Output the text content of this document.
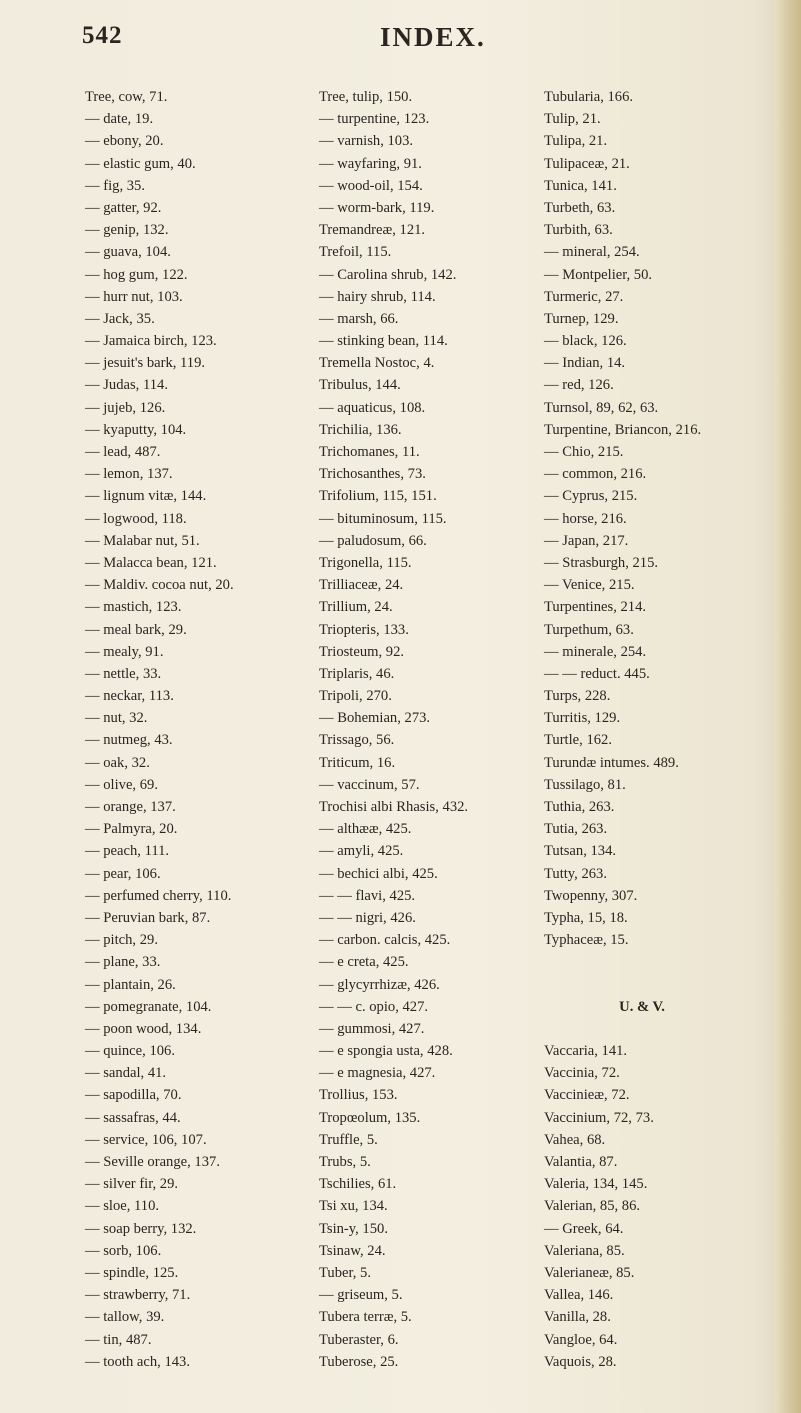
542	INDEX.
Tree, cow, 71.
— date, 19.
— ebony, 20.
— elastic gum, 40.
— fig, 35.
— gatter, 92.
— genip, 132.
— guava, 104.
— hog gum, 122.
— hurr nut, 103.
— Jack, 35.
— Jamaica birch, 123.
— jesuit's bark, 119.
— Judas, 114.
— jujeb, 126.
— kyaputty, 104.
— lead, 487.
— lemon, 137.
— lignum vitæ, 144.
— logwood, 118.
— Malabar nut, 51.
— Malacca bean, 121.
— Maldiv. cocoa nut, 20.
— mastich, 123.
— meal bark, 29.
— mealy, 91.
— nettle, 33.
— neckar, 113.
— nut, 32.
— nutmeg, 43.
— oak, 32.
— olive, 69.
— orange, 137.
— Palmyra, 20.
— peach, 111.
— pear, 106.
— perfumed cherry, 110.
— Peruvian bark, 87.
— pitch, 29.
— plane, 33.
— plantain, 26.
— pomegranate, 104.
— poon wood, 134.
— quince, 106.
— sandal, 41.
— sapodilla, 70.
— sassafras, 44.
— service, 106, 107.
— Seville orange, 137.
— silver fir, 29.
— sloe, 110.
— soap berry, 132.
— sorb, 106.
— spindle, 125.
— strawberry, 71.
— tallow, 39.
— tin, 487.
— tooth ach, 143.
Tree, tulip, 150.
— turpentine, 123.
— varnish, 103.
— wayfaring, 91.
— wood-oil, 154.
— worm-bark, 119.
Tremandreæ, 121.
Trefoil, 115.
— Carolina shrub, 142.
— hairy shrub, 114.
— marsh, 66.
— stinking bean, 114.
Tremella Nostoc, 4.
Tribulus, 144.
— aquaticus, 108.
Trichilia, 136.
Trichomanes, 11.
Trichosanthes, 73.
Trifolium, 115, 151.
— bituminosum, 115.
— paludosum, 66.
Trigonella, 115.
Trilliaceæ, 24.
Trillium, 24.
Triopteris, 133.
Triosteum, 92.
Triplaris, 46.
Tripoli, 270.
— Bohemian, 273.
Trissago, 56.
Triticum, 16.
— vaccinum, 57.
Trochisi albi Rhasis, 432.
— althææ, 425.
— amyli, 425.
— bechici albi, 425.
— — flavi, 425.
— — nigri, 426.
— carbon. calcis, 425.
— e creta, 425.
— glycyrrhizæ, 426.
— — c. opio, 427.
— gummosi, 427.
— e spongia usta, 428.
— e magnesia, 427.
Trollius, 153.
Tropœolum, 135.
Truffle, 5.
Trubs, 5.
Tschilies, 61.
Tsi xu, 134.
Tsin-y, 150.
Tsinaw, 24.
Tuber, 5.
— griseum, 5.
Tubera terræ, 5.
Tuberaster, 6.
Tuberose, 25.
Tubularia, 166.
Tulip, 21.
Tulipa, 21.
Tulipaceæ, 21.
Tunica, 141.
Turbeth, 63.
Turbith, 63.
— mineral, 254.
— Montpelier, 50.
Turmeric, 27.
Turnep, 129.
— black, 126.
— Indian, 14.
— red, 126.
Turnsol, 89, 62, 63.
Turpentine, Briancon, 216.
— Chio, 215.
— common, 216.
— Cyprus, 215.
— horse, 216.
— Japan, 217.
— Strasburgh, 215.
— Venice, 215.
Turpentines, 214.
Turpethum, 63.
— minerale, 254.
— — reduct. 445.
Turps, 228.
Turritis, 129.
Turtle, 162.
Turundæ intumes. 489.
Tussilago, 81.
Tuthia, 263.
Tutia, 263.
Tutsan, 134.
Tutty, 263.
Twopenny, 307.
Typha, 15, 18.
Typhaceæ, 15.
U. & V.
Vaccaria, 141.
Vaccinia, 72.
Vaccinieæ, 72.
Vaccinium, 72, 73.
Vahea, 68.
Valantia, 87.
Valeria, 134, 145.
Valerian, 85, 86.
— Greek, 64.
Valeriana, 85.
Valerianeæ, 85.
Vallea, 146.
Vanilla, 28.
Vangloe, 64.
Vaquois, 28.
